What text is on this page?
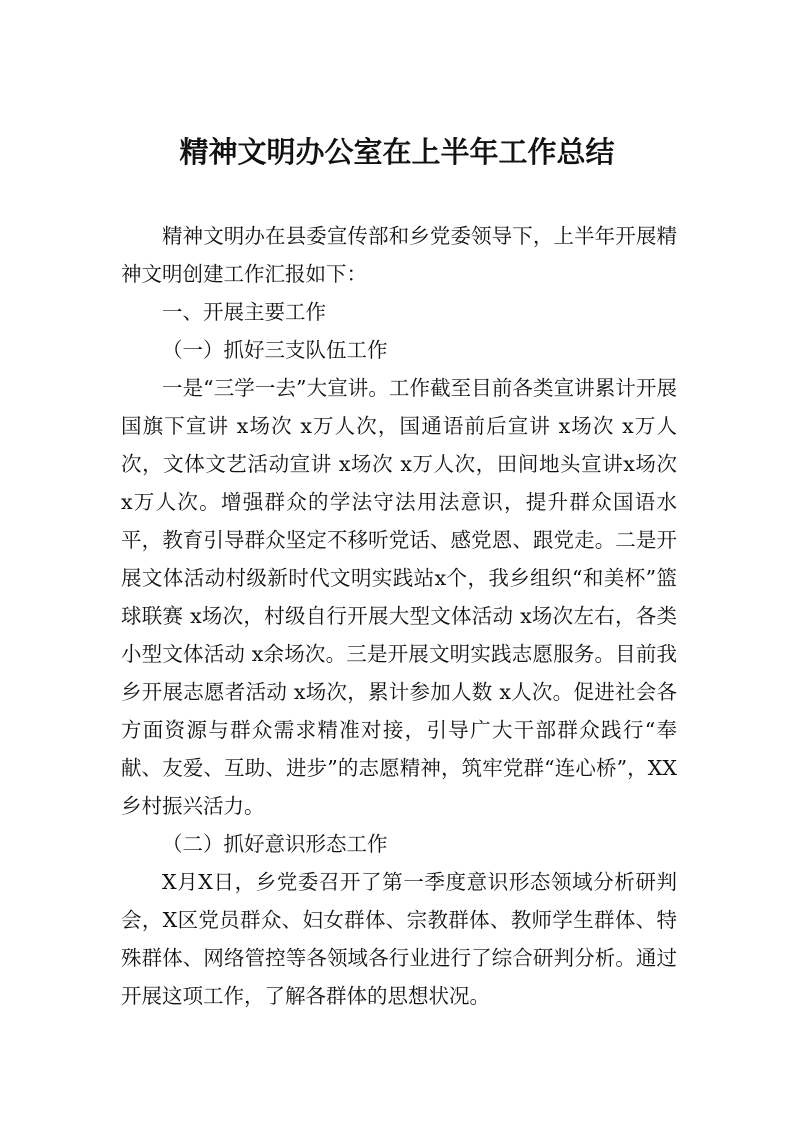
精神文明办公室在上半年工作总结

精神文明办在县委宣传部和乡党委领导下，上半年开展精神文明创建工作汇报如下：

一、开展主要工作

（一）抓好三支队伍工作

一是“三学一去”大宣讲。工作截至目前各类宣讲累计开展国旗下宣讲 x场次 x万人次，国通语前后宣讲 x场次 x万人次，文体文艺活动宣讲 x场次 x万人次，田间地头宣讲x场次 x万人次。增强群众的学法守法用法意识，提升群众国语水平，教育引导群众坚定不移听党话、感党恩、跟党走。二是开展文体活动村级新时代文明实践站x个，我乡组织“和美杯”篮球联赛 x场次，村级自行开展大型文体活动 x场次左右，各类小型文体活动 x余场次。三是开展文明实践志愿服务。目前我乡开展志愿者活动 x场次，累计参加人数 x人次。促进社会各方面资源与群众需求精准对接，引导广大干部群众践行“奉献、友爱、互助、进步”的志愿精神，筑牢党群“连心桥”，XX乡村振兴活力。

（二）抓好意识形态工作

X月X日，乡党委召开了第一季度意识形态领域分析研判会，X区党员群众、妇女群体、宗教群体、教师学生群体、特殊群体、网络管控等各领域各行业进行了综合研判分析。通过开展这项工作，了解各群体的思想状况。
